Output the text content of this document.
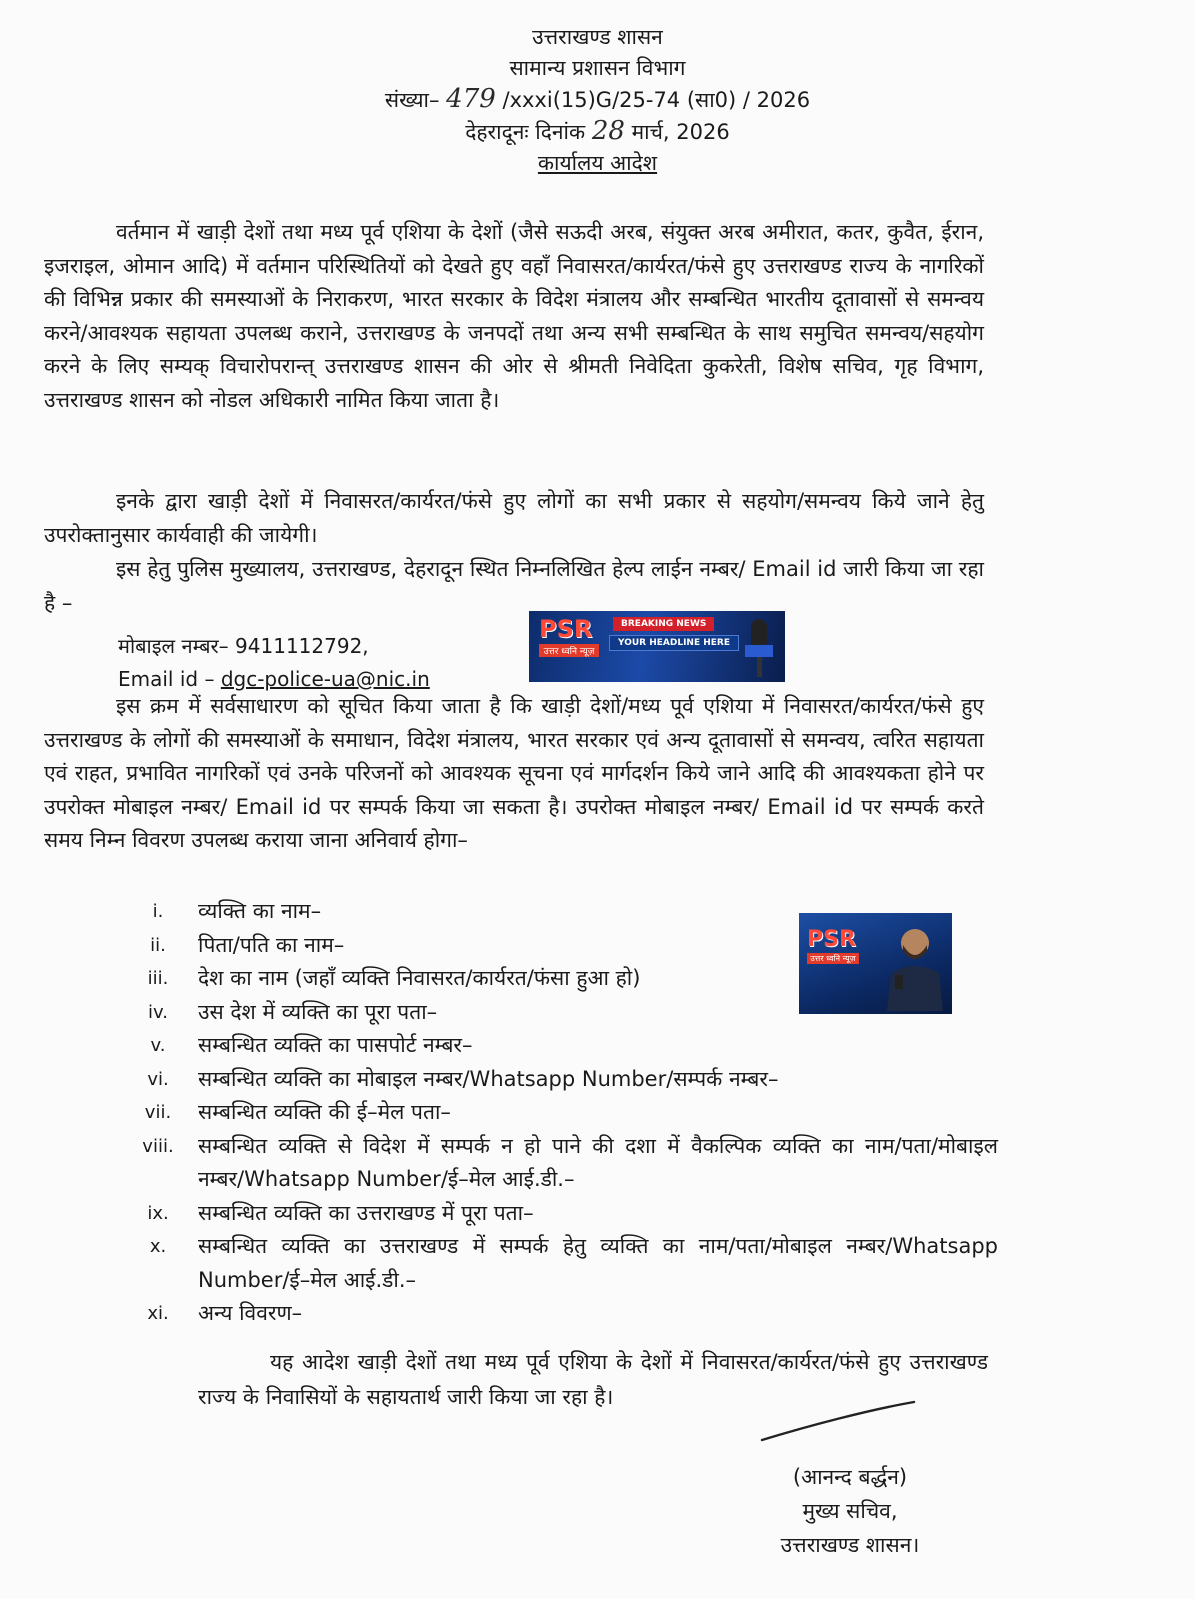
उत्तराखण्ड शासन
सामान्य प्रशासन विभाग
संख्या– 479 /xxxi(15)G/25-74 (सा0) / 2026
देहरादूनः दिनांक 28 मार्च, 2026
कार्यालय आदेश
वर्तमान में खाड़ी देशों तथा मध्य पूर्व एशिया के देशों (जैसे सऊदी अरब, संयुक्त अरब अमीरात, कतर, कुवैत, ईरान, इजराइल, ओमान आदि) में वर्तमान परिस्थितियों को देखते हुए वहाँ निवासरत/कार्यरत/फंसे हुए उत्तराखण्ड राज्य के नागरिकों की विभिन्न प्रकार की समस्याओं के निराकरण, भारत सरकार के विदेश मंत्रालय और सम्बन्धित भारतीय दूतावासों से समन्वय करने/आवश्यक सहायता उपलब्ध कराने, उत्तराखण्ड के जनपदों तथा अन्य सभी सम्बन्धित के साथ समुचित समन्वय/सहयोग करने के लिए सम्यक् विचारोपरान्त् उत्तराखण्ड शासन की ओर से श्रीमती निवेदिता कुकरेती, विशेष सचिव, गृह विभाग, उत्तराखण्ड शासन को नोडल अधिकारी नामित किया जाता है।
इनके द्वारा खाड़ी देशों में निवासरत/कार्यरत/फंसे हुए लोगों का सभी प्रकार से सहयोग/समन्वय किये जाने हेतु उपरोक्तानुसार कार्यवाही की जायेगी।
इस हेतु पुलिस मुख्यालय, उत्तराखण्ड, देहरादून स्थित निम्नलिखित हेल्प लाईन नम्बर/ Email id जारी किया जा रहा है –
मोबाइल नम्बर– 9411112792,
Email id – dgc-police-ua@nic.in
इस क्रम में सर्वसाधारण को सूचित किया जाता है कि खाड़ी देशों/मध्य पूर्व एशिया में निवासरत/कार्यरत/फंसे हुए उत्तराखण्ड के लोगों की समस्याओं के समाधान, विदेश मंत्रालय, भारत सरकार एवं अन्य दूतावासों से समन्वय, त्वरित सहायता एवं राहत, प्रभावित नागरिकों एवं उनके परिजनों को आवश्यक सूचना एवं मार्गदर्शन किये जाने आदि की आवश्यकता होने पर उपरोक्त मोबाइल नम्बर/ Email id पर सम्पर्क किया जा सकता है। उपरोक्त मोबाइल नम्बर/ Email id पर सम्पर्क करते समय निम्न विवरण उपलब्ध कराया जाना अनिवार्य होगा–
i.	व्यक्ति का नाम–
ii.	पिता/पति का नाम–
iii.	देश का नाम (जहाँ व्यक्ति निवासरत/कार्यरत/फंसा हुआ हो)
iv.	उस देश में व्यक्ति का पूरा पता–
v.	सम्बन्धित व्यक्ति का पासपोर्ट नम्बर–
vi.	सम्बन्धित व्यक्ति का मोबाइल नम्बर/Whatsapp Number/सम्पर्क नम्बर–
vii.	सम्बन्धित व्यक्ति की ई–मेल पता–
viii.	सम्बन्धित व्यक्ति से विदेश में सम्पर्क न हो पाने की दशा में वैकल्पिक व्यक्ति का नाम/पता/मोबाइल नम्बर/Whatsapp Number/ई–मेल आई.डी.–
ix.	सम्बन्धित व्यक्ति का उत्तराखण्ड में पूरा पता–
x.	सम्बन्धित व्यक्ति का उत्तराखण्ड में सम्पर्क हेतु व्यक्ति का नाम/पता/मोबाइल नम्बर/Whatsapp Number/ई–मेल आई.डी.–
xi.	अन्य विवरण–
यह आदेश खाड़ी देशों तथा मध्य पूर्व एशिया के देशों में निवासरत/कार्यरत/फंसे हुए उत्तराखण्ड राज्य के निवासियों के सहायतार्थ जारी किया जा रहा है।
(आनन्द बर्द्धन)
मुख्य सचिव,
उत्तराखण्ड शासन।
PSR
उत्तर ध्वनि न्यूज़
BREAKING NEWS
YOUR HEADLINE HERE
PSR
उत्तर ध्वनि न्यूज़
